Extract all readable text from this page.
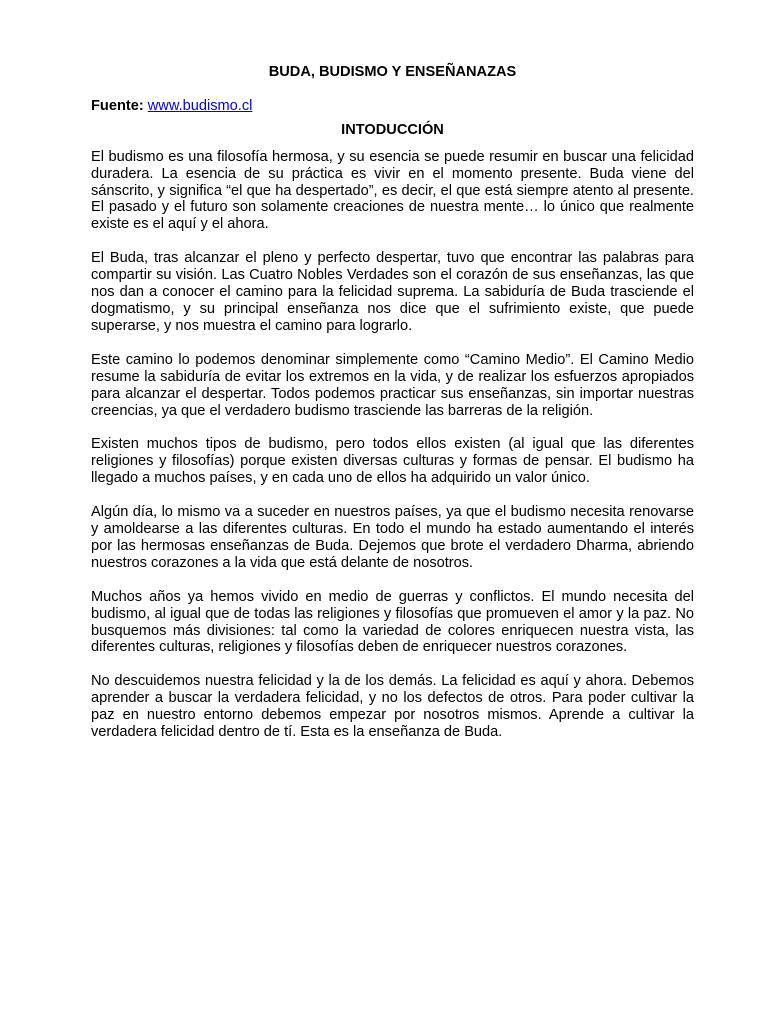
BUDA, BUDISMO Y ENSEÑANAZAS
Fuente: www.budismo.cl
INTODUCCIÓN

El budismo es una filosofía hermosa, y su esencia se puede resumir en buscar una felicidad duradera. La esencia de su práctica es vivir en el momento presente. Buda viene del sánscrito, y significa “el que ha despertado”, es decir, el que está siempre atento al presente. El pasado y el futuro son solamente creaciones de nuestra mente… lo único que realmente existe es el aquí y el ahora.

El Buda, tras alcanzar el pleno y perfecto despertar, tuvo que encontrar las palabras para compartir su visión. Las Cuatro Nobles Verdades son el corazón de sus enseñanzas, las que nos dan a conocer el camino para la felicidad suprema. La sabiduría de Buda trasciende el dogmatismo, y su principal enseñanza nos dice que el sufrimiento existe, que puede superarse, y nos muestra el camino para lograrlo.

Este camino lo podemos denominar simplemente como “Camino Medio”. El Camino Medio resume la sabiduría de evitar los extremos en la vida, y de realizar los esfuerzos apropiados para alcanzar el despertar. Todos podemos practicar sus enseñanzas, sin importar nuestras creencias, ya que el verdadero budismo trasciende las barreras de la religión.

Existen muchos tipos de budismo, pero todos ellos existen (al igual que las diferentes religiones y filosofías) porque existen diversas culturas y formas de pensar. El budismo ha llegado a muchos países, y en cada uno de ellos ha adquirido un valor único.

Algún día, lo mismo va a suceder en nuestros países, ya que el budismo necesita renovarse y amoldearse a las diferentes culturas. En todo el mundo ha estado aumentando el interés por las hermosas enseñanzas de Buda. Dejemos que brote el verdadero Dharma, abriendo nuestros corazones a la vida que está delante de nosotros.

Muchos años ya hemos vivido en medio de guerras y conflictos. El mundo necesita del budismo, al igual que de todas las religiones y filosofías que promueven el amor y la paz. No busquemos más divisiones: tal como la variedad de colores enriquecen nuestra vista, las diferentes culturas, religiones y filosofías deben de enriquecer nuestros corazones.

No descuidemos nuestra felicidad y la de los demás. La felicidad es aquí y ahora. Debemos aprender a buscar la verdadera felicidad, y no los defectos de otros. Para poder cultivar la paz en nuestro entorno debemos empezar por nosotros mismos. Aprende a cultivar la verdadera felicidad dentro de tí. Esta es la enseñanza de Buda.
